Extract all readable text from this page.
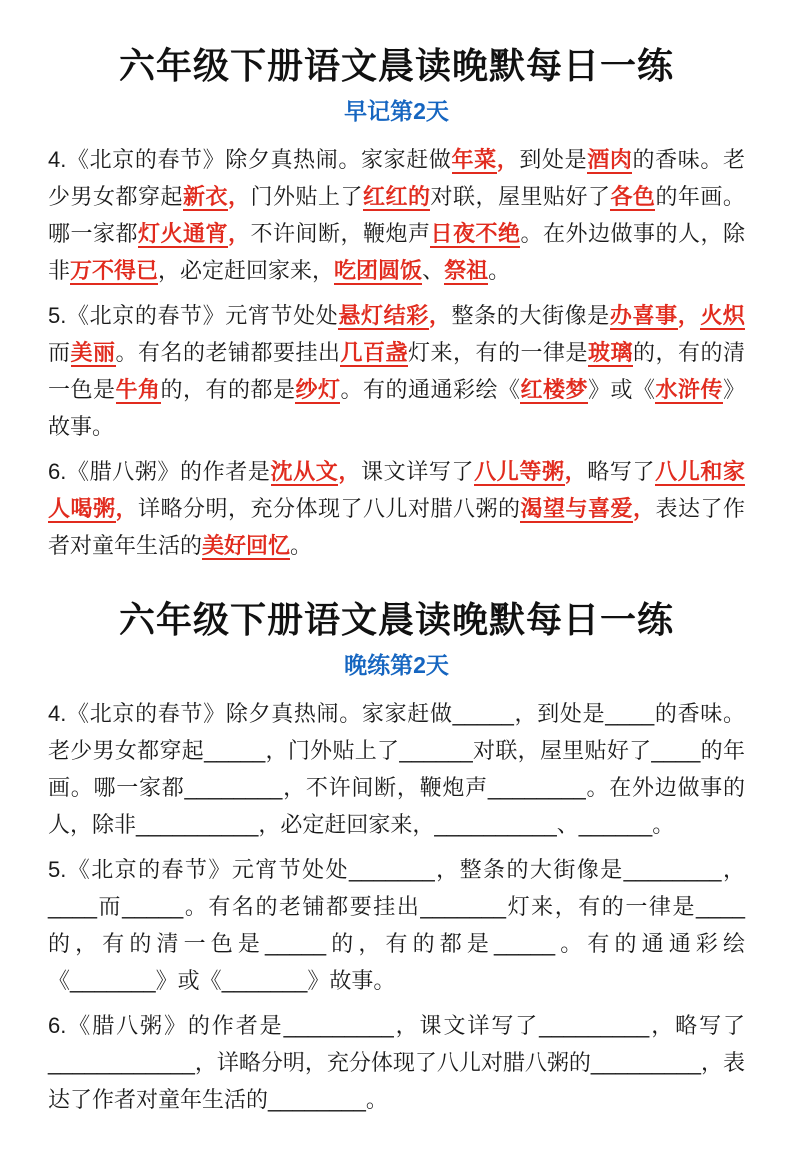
六年级下册语文晨读晚默每日一练
早记第2天

4.《北京的春节》除夕真热闹。家家赶做年菜，到处是酒肉的香味。老少男女都穿起新衣，门外贴上了红红的对联，屋里贴好了各色的年画。哪一家都灯火通宵，不许间断，鞭炮声日夜不绝。在外边做事的人，除非万不得已，必定赶回家来，吃团圆饭、祭祖。

5.《北京的春节》元宵节处处悬灯结彩，整条的大街像是办喜事，火炽而美丽。有名的老铺都要挂出几百盏灯来，有的一律是玻璃的，有的清一色是牛角的，有的都是纱灯。有的通通彩绘《红楼梦》或《水浒传》故事。

6.《腊八粥》的作者是沈从文，课文详写了八儿等粥，略写了八儿和家人喝粥，详略分明，充分体现了八儿对腊八粥的渴望与喜爱，表达了作者对童年生活的美好回忆。

六年级下册语文晨读晚默每日一练
晚练第2天

4.《北京的春节》除夕真热闹。家家赶做_____，到处是____的香味。老少男女都穿起_____，门外贴上了______对联，屋里贴好了____的年画。哪一家都________，不许间断，鞭炮声________。在外边做事的人，除非__________，必定赶回家来，__________、______。

5.《北京的春节》元宵节处处_______，整条的大街像是________，____而_____。有名的老铺都要挂出_______灯来，有的一律是____的，有的清一色是_____的，有的都是_____。有的通通彩绘《_______》或《_______》故事。

6.《腊八粥》的作者是_________，课文详写了_________，略写了____________，详略分明，充分体现了八儿对腊八粥的_________，表达了作者对童年生活的________。
